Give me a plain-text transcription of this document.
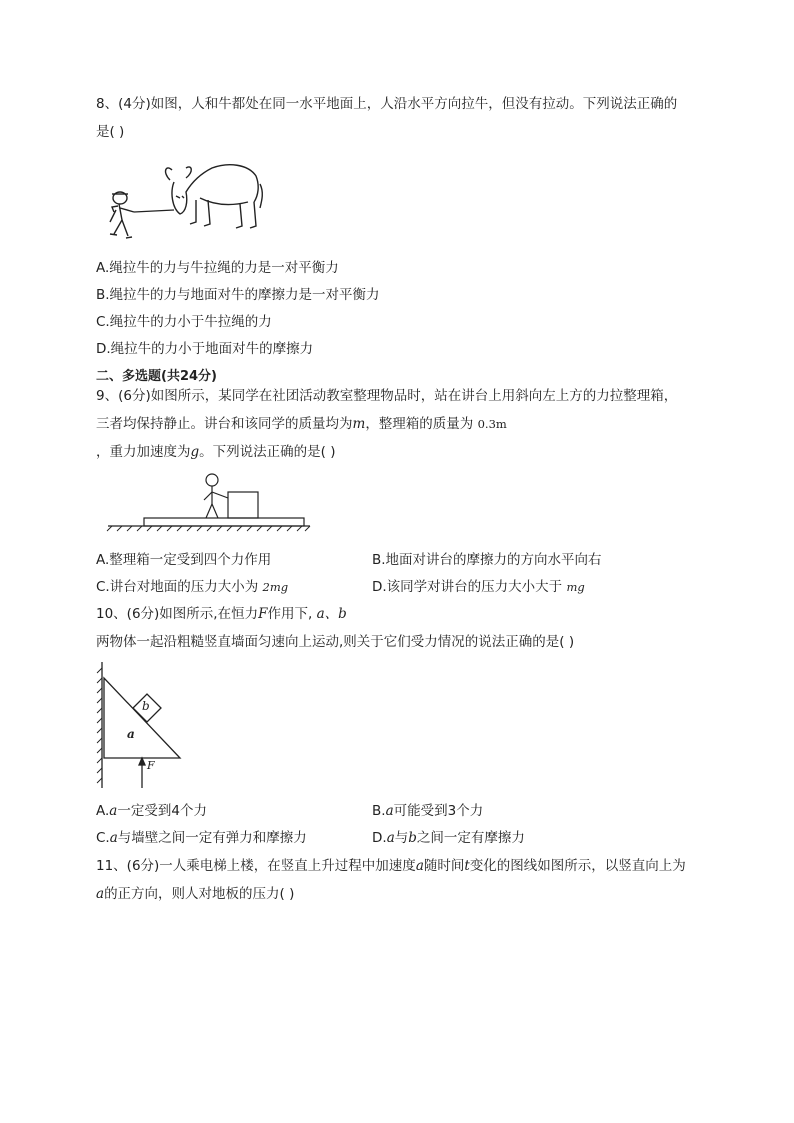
8、(4分)如图，人和牛都处在同一水平地面上，人沿水平方向拉牛，但没有拉动。下列说法正确的
是( )
A.绳拉牛的力与牛拉绳的力是一对平衡力
B.绳拉牛的力与地面对牛的摩擦力是一对平衡力
C.绳拉牛的力小于牛拉绳的力
D.绳拉牛的力小于地面对牛的摩擦力
二、多选题(共24分)
9、(6分)如图所示，某同学在社团活动教室整理物品时，站在讲台上用斜向左上方的力拉整理箱，
三者均保持静止。讲台和该同学的质量均为m，整理箱的质量为 0.3m
，重力加速度为g。下列说法正确的是( )
A.整理箱一定受到四个力作用	B.地面对讲台的摩擦力的方向水平向右
C.讲台对地面的压力大小为 2mg	D.该同学对讲台的压力大小大于 mg
10、(6分)如图所示,在恒力F作用下, a、b
两物体一起沿粗糙竖直墙面匀速向上运动,则关于它们受力情况的说法正确的是( )
b
a
F
A.a一定受到4个力	B.a可能受到3个力
C.a与墙壁之间一定有弹力和摩擦力	D.a与b之间一定有摩擦力
11、(6分)一人乘电梯上楼，在竖直上升过程中加速度a随时间t变化的图线如图所示，以竖直向上为
a的正方向，则人对地板的压力( )
